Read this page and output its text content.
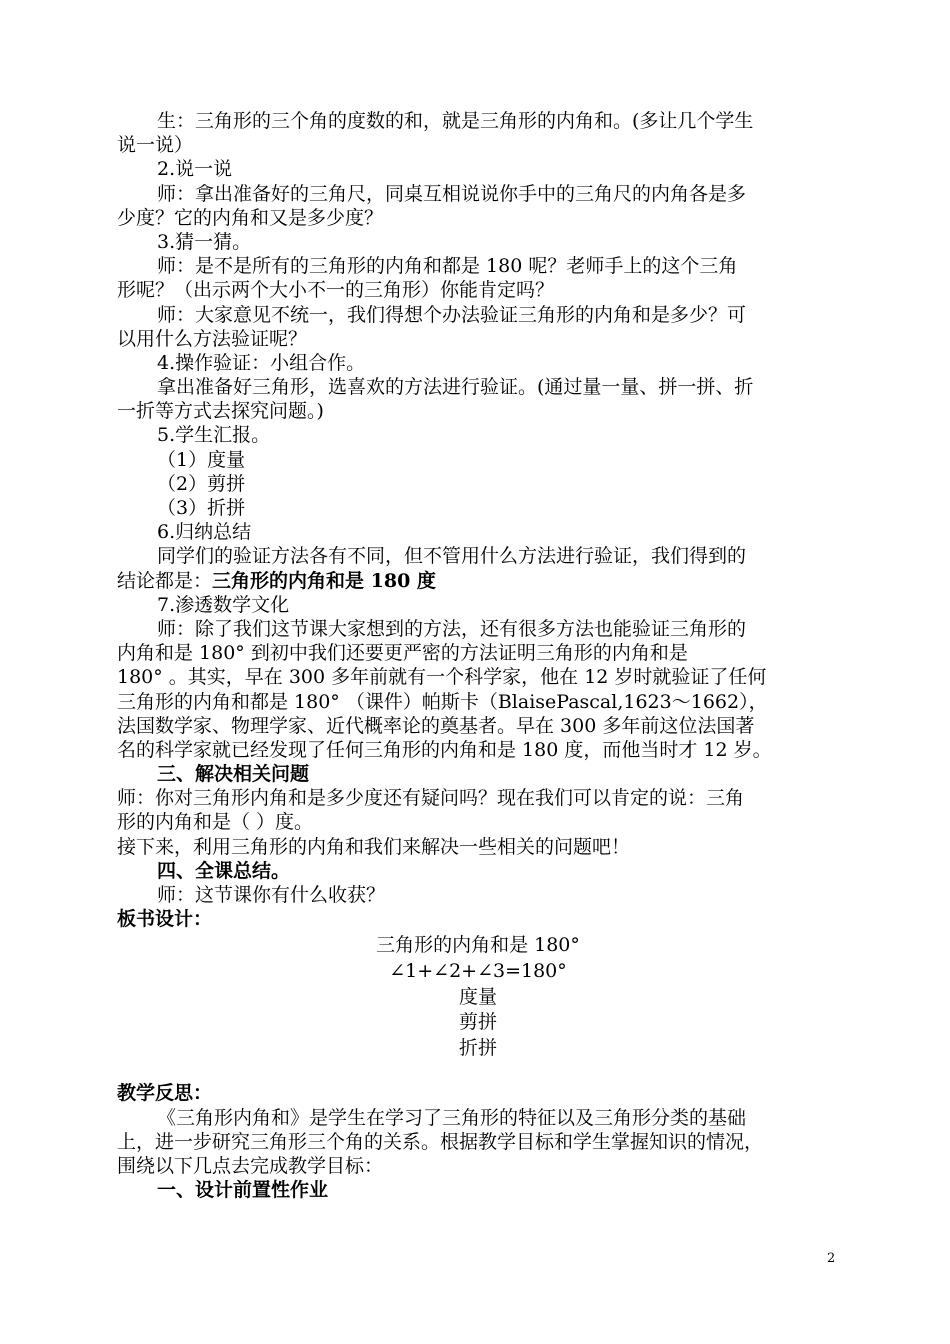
生：三角形的三个角的度数的和，就是三角形的内角和。(多让几个学生
说一说）
2.说一说
师：拿出准备好的三角尺，同桌互相说说你手中的三角尺的内角各是多
少度？它的内角和又是多少度？
3.猜一猜。
师：是不是所有的三角形的内角和都是 180 呢？老师手上的这个三角
形呢？（出示两个大小不一的三角形）你能肯定吗？
师：大家意见不统一，我们得想个办法验证三角形的内角和是多少？可
以用什么方法验证呢？
4.操作验证：小组合作。
拿出准备好三角形，选喜欢的方法进行验证。(通过量一量、拼一拼、折
一折等方式去探究问题。)
5.学生汇报。
（1）度量
（2）剪拼
（3）折拼
6.归纳总结
同学们的验证方法各有不同，但不管用什么方法进行验证，我们得到的
结论都是：三角形的内角和是 180 度
7.渗透数学文化
师：除了我们这节课大家想到的方法，还有很多方法也能验证三角形的
内角和是 180° 到初中我们还要更严密的方法证明三角形的内角和是
180° 。其实，早在 300 多年前就有一个科学家，他在 12 岁时就验证了任何
三角形的内角和都是 180° （课件）帕斯卡（BlaisePascal,1623～1662），
法国数学家、物理学家、近代概率论的奠基者。早在 300 多年前这位法国著
名的科学家就已经发现了任何三角形的内角和是 180 度，而他当时才 12 岁。
三、解决相关问题
师：你对三角形内角和是多少度还有疑问吗？现在我们可以肯定的说：三角
形的内角和是（ ）度。
接下来，利用三角形的内角和我们来解决一些相关的问题吧！
四、全课总结。
师：这节课你有什么收获？
板书设计：
三角形的内角和是 180°
∠1+∠2+∠3=180°
度量
剪拼
折拼
教学反思：
《三角形内角和》是学生在学习了三角形的特征以及三角形分类的基础
上，进一步研究三角形三个角的关系。根据教学目标和学生掌握知识的情况，
围绕以下几点去完成教学目标：
一、设计前置性作业
2
